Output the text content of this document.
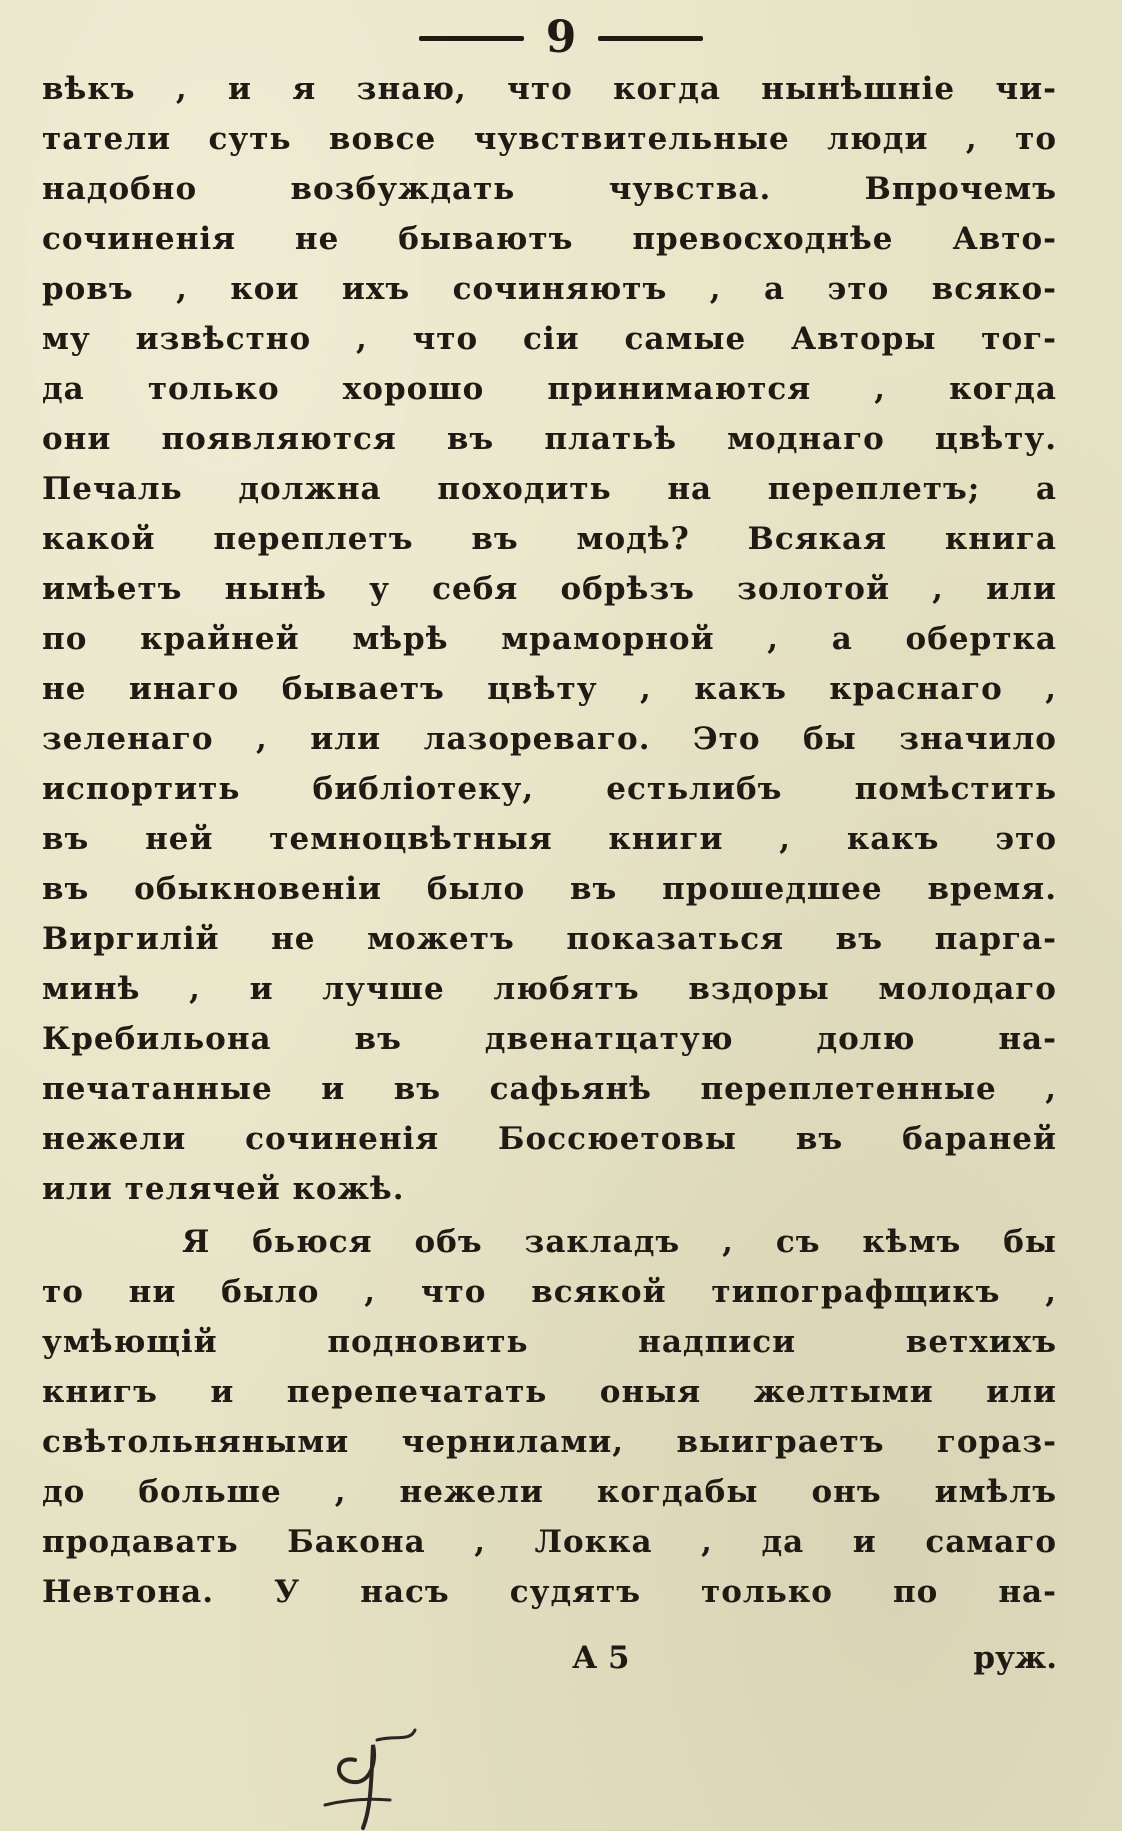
9
вѣкъ , и я знаю, что когда нынѣшніе чи-
татели суть вовсе чувствительные люди , то
надобно возбуждать чувства. Впрочемъ
сочиненія не бываютъ превосходнѣе Авто-
ровъ , кои ихъ сочиняютъ , а это всяко-
му извѣстно , что сіи самые Авторы тог-
да только хорошо принимаются , когда
они появляются въ платьѣ моднаго цвѣту.
Печаль должна походить на переплетъ; а
какой переплетъ въ модѣ? Всякая книга
имѣетъ нынѣ у себя обрѣзъ золотой , или
по крайней мѣрѣ мраморной , а обертка
не инаго бываетъ цвѣту , какъ краснаго ,
зеленаго , или лазореваго. Это бы значило
испортить библіотеку, естьлибъ помѣстить
въ ней темноцвѣтныя книги , какъ это
въ обыкновеніи было въ прошедшее время.
Виргилій не можетъ показаться въ парга-
минѣ , и лучше любятъ вздоры молодаго
Кребильона въ двенатцатую долю на-
печатанные и въ сафьянѣ переплетенные ,
нежели сочиненія Боссюетовы въ бараней
или телячей кожѣ.
Я бьюся объ закладъ , съ кѣмъ бы
то ни было , что всякой типографщикъ ,
умѣющій подновить надписи ветхихъ
книгъ и перепечатать оныя желтыми или
свѣтольняными чернилами, выиграетъ горaз-
до больше , нежели когдабы онъ имѣлъ
продавать Бакона , Локка , да и самаго
Невтона. У насъ судятъ только по на-
А 5	руж.
